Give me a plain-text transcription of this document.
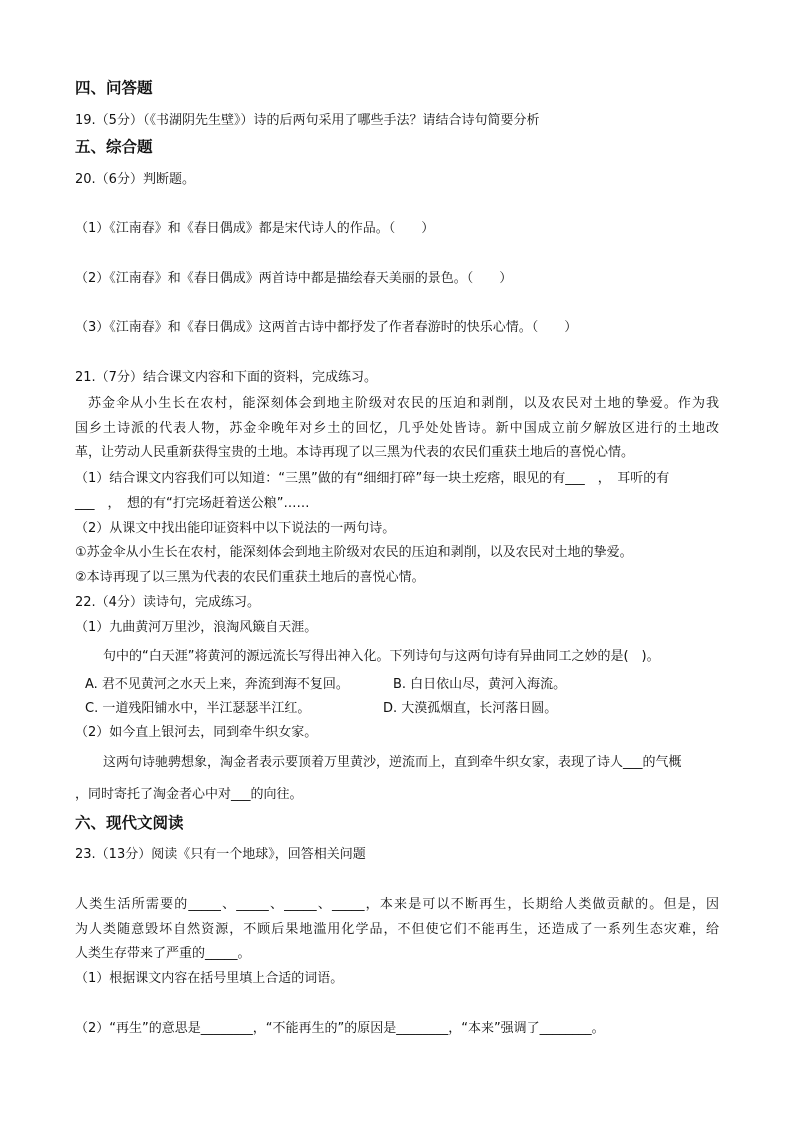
四、问答题
19.（5分）（《书湖阴先生壁》）诗的后两句采用了哪些手法？请结合诗句简要分析
五、综合题
20.（6分）判断题。
（1）《江南春》和《春日偶成》都是宋代诗人的作品。（　　）
（2）《江南春》和《春日偶成》两首诗中都是描绘春天美丽的景色。（　　）
（3）《江南春》和《春日偶成》这两首古诗中都抒发了作者春游时的快乐心情。（　　）
21.（7分）结合课文内容和下面的资料，完成练习。
苏金伞从小生长在农村，能深刻体会到地主阶级对农民的压迫和剥削，以及农民对土地的挚爱。作为我
国乡土诗派的代表人物，苏金伞晚年对乡土的回忆，几乎处处皆诗。新中国成立前夕解放区进行的土地改
革，让劳动人民重新获得宝贵的土地。本诗再现了以三黑为代表的农民们重获土地后的喜悦心情。
（1）结合课文内容我们可以知道：“三黑”做的有“细细打碎”每一块土疙瘩，眼见的有___　，　耳听的有
___　，　想的有“打完场赶着送公粮”……
（2）从课文中找出能印证资料中以下说法的一两句诗。
①苏金伞从小生长在农村，能深刻体会到地主阶级对农民的压迫和剥削，以及农民对土地的挚爱。
②本诗再现了以三黑为代表的农民们重获土地后的喜悦心情。
22.（4分）读诗句，完成练习。
（1）九曲黄河万里沙，浪淘风簸自天涯。
句中的“白天涯”将黄河的源远流长写得出神入化。下列诗句与这两句诗有异曲同工之妙的是(　)。
A. 君不见黄河之水天上来，奔流到海不复回。	B. 白日依山尽，黄河入海流。
C. 一道残阳铺水中，半江瑟瑟半江红。	D. 大漠孤烟直，长河落日圆。
（2）如今直上银河去，同到牵牛织女家。
这两句诗驰骋想象，淘金者表示要顶着万里黄沙，逆流而上，直到牵牛织女家，表现了诗人___的气概
，同时寄托了淘金者心中对___的向往。
六、现代文阅读
23.（13分）阅读《只有一个地球》，回答相关问题
人类生活所需要的_____、_____、_____、_____，本来是可以不断再生，长期给人类做贡献的。但是，因
为人类随意毁坏自然资源，不顾后果地滥用化学品，不但使它们不能再生，还造成了一系列生态灾难，给
人类生存带来了严重的_____。
（1）根据课文内容在括号里填上合适的词语。
（2）“再生”的意思是________，“不能再生的”的原因是________，“本来”强调了________。
